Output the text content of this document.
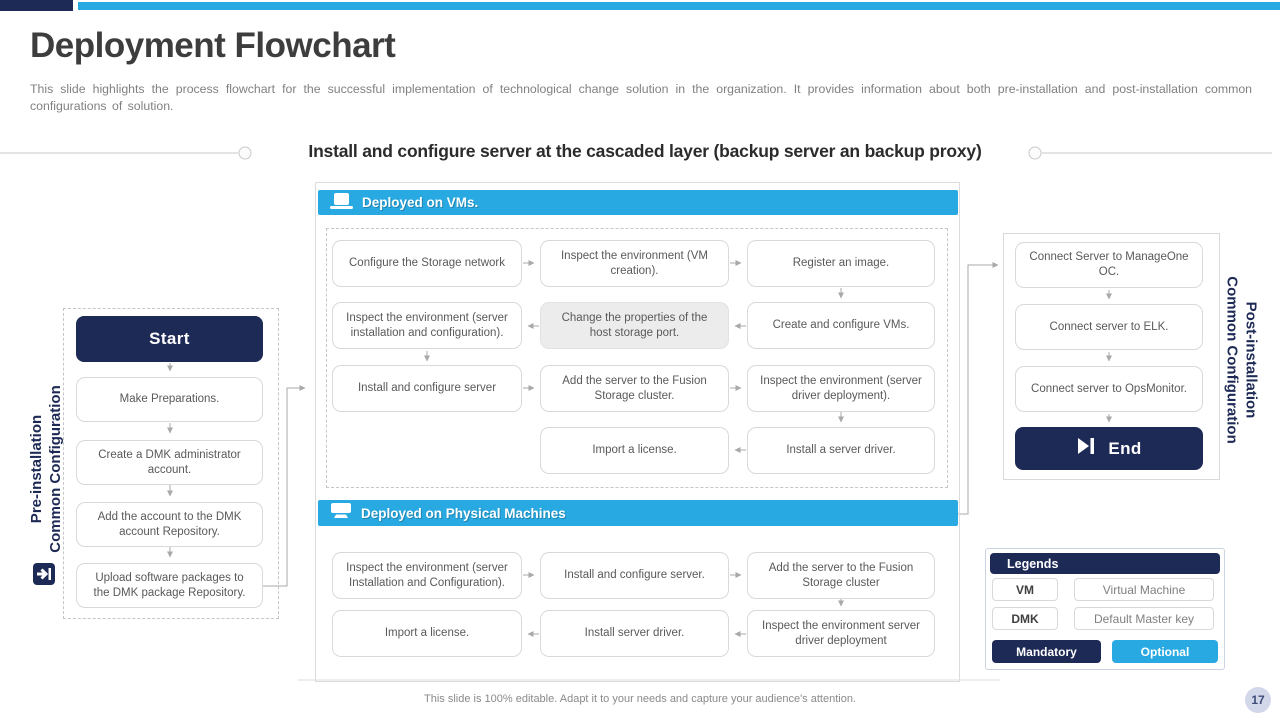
Deployment Flowchart
This slide highlights the process flowchart for the successful implementation of technological change solution in the organization. It provides information about both pre-installation and post-installation common configurations of solution.
Install and configure server at the cascaded layer (backup server an backup proxy)
Start
Make Preparations.
Create a DMK administrator account.
Add the account to the DMK account Repository.
Upload software packages to the DMK package Repository.
Pre-installation Common Configuration
Deployed on VMs.
Configure the Storage network
Inspect the environment (VM creation).
Register an image.
Inspect the environment (server installation and configuration).
Change the properties of the host storage port.
Create and configure VMs.
Install and configure server
Add the server to the Fusion Storage cluster.
Inspect the environment (server driver deployment).
Import a license.	Install a server driver.
Deployed on Physical Machines
Inspect the environment (server Installation and Configuration).
Install and configure server.
Add the server to the Fusion Storage cluster
Import a license.	Install server driver.
Inspect the environment server driver deployment
Connect Server to ManageOne OC.
Connect server to ELK.
Connect server to OpsMonitor.
End
Post-installation
Common Configuration
Legends
VM	Virtual Machine
DMK	Default Master key
Mandatory	Optional
This slide is 100% editable. Adapt it to your needs and capture your audience's attention.	17
